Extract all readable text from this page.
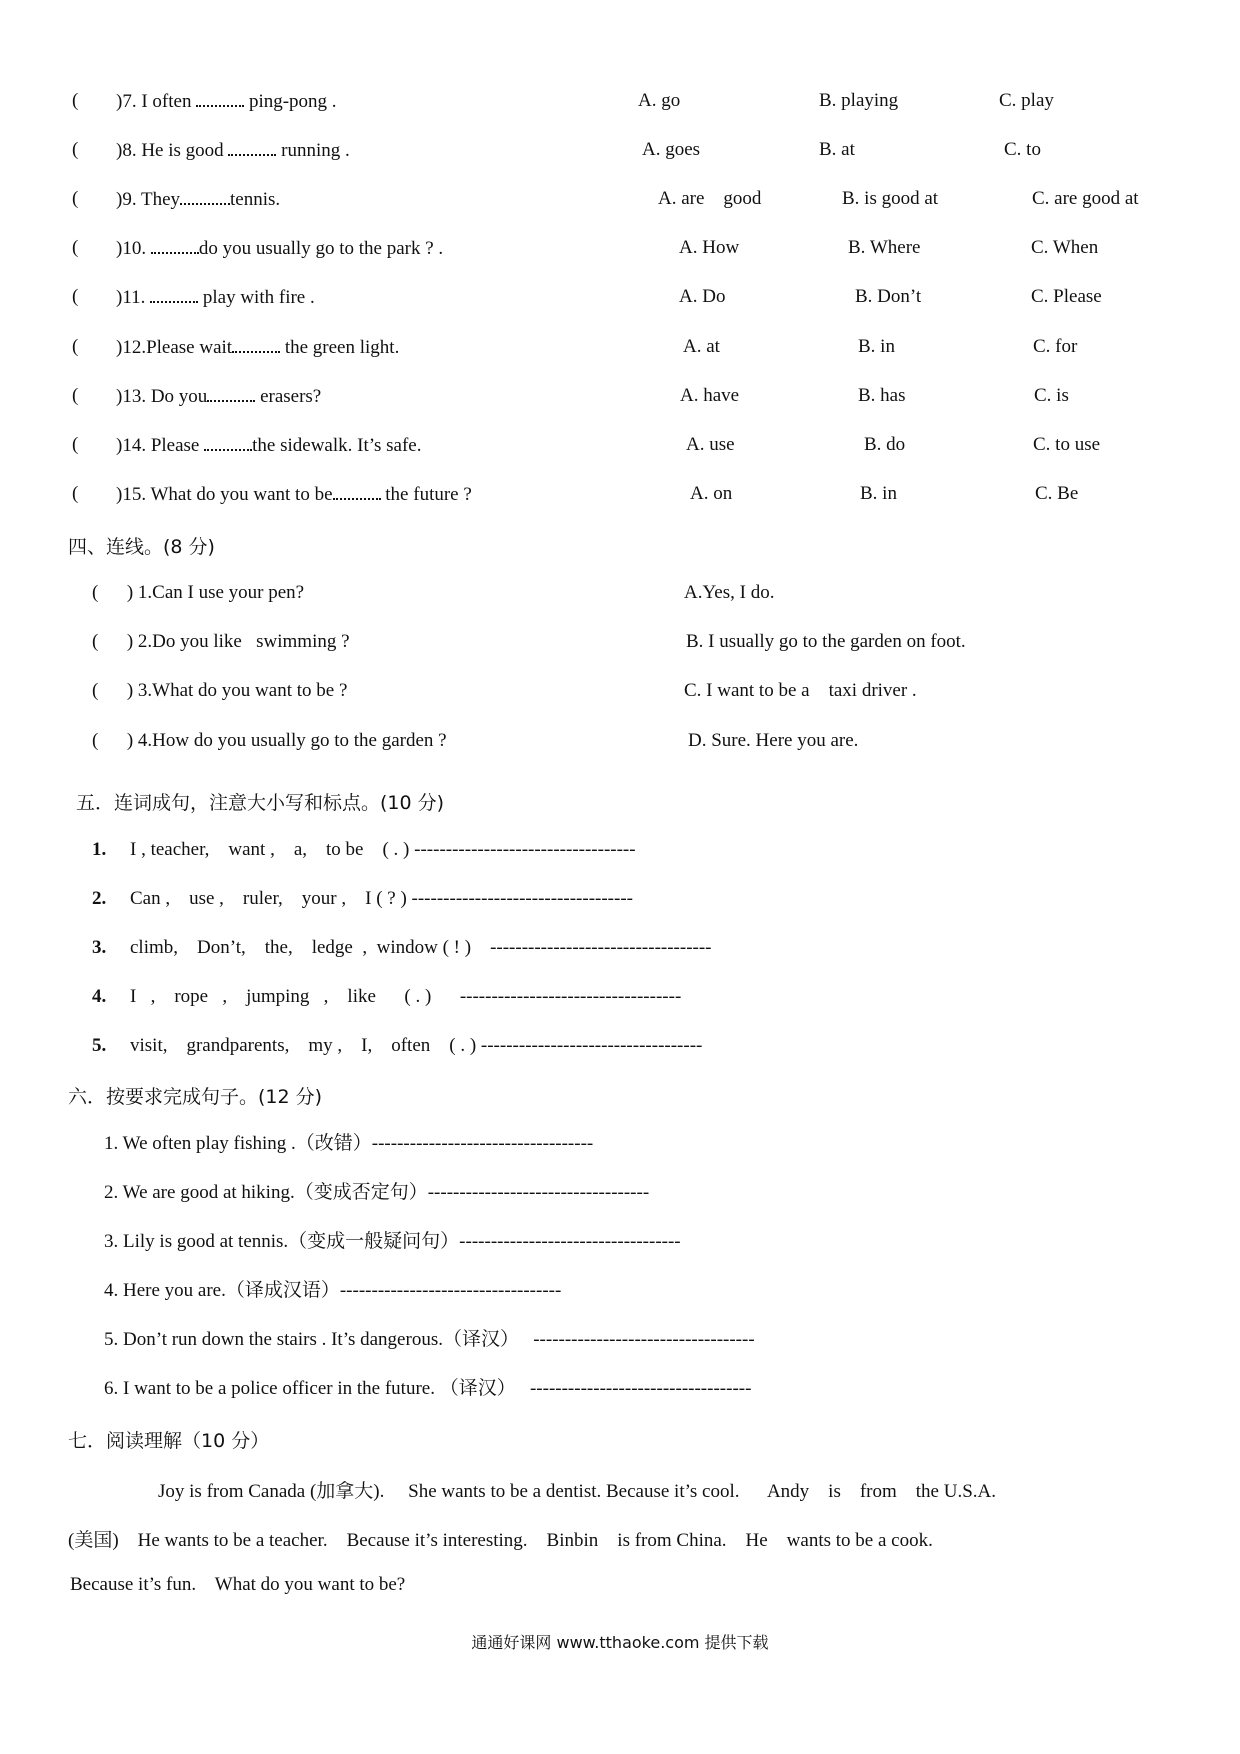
( )7. I often	ping-pong .	A. go	B. playing	C. play
( )8. He is good	running .	A. goes	B. at	C. to
( )9. They	tennis.	A. are    good	B. is good at	C. are good at
( )10.	do you usually go to the park ? .	A. How	B. Where	C. When
( )11.	play with fire .	A. Do	B. Don’t	C. Please
( )12.Please wait	the green light.	A. at	B. in	C. for
( )13. Do you	erasers?	A. have	B. has	C. is
( )14. Please	the sidewalk. It’s safe.	A. use	B. do	C. to use
( )15. What do you want to be	the future ?	A. on	B. in	C. Be
四、连线。(8 分)
(      ) 1.Can I use your pen?	A.Yes, I do.
(      ) 2.Do you like   swimming ?	B. I usually go to the garden on foot.
(      ) 3.What do you want to be ?	C. I want to be a    taxi driver .
(      ) 4.How do you usually go to the garden ?	D. Sure. Here you are.
五．连词成句，注意大小写和标点。(10 分)
1. I , teacher,    want ,    a,    to be    ( . ) -----------------------------------
2. Can ,    use ,    ruler,    your ,    I ( ? ) -----------------------------------
3. climb,    Don’t,    the,    ledge  ,  window ( ! )    -----------------------------------
4. I   ,    rope   ,    jumping   ,    like      ( . )      -----------------------------------
5. visit,    grandparents,    my ,    I,    often    ( . ) -----------------------------------
六．按要求完成句子。(12 分)
1. We often play fishing .（改错）-----------------------------------
2. We are good at hiking.（变成否定句）-----------------------------------
3. Lily is good at tennis.（变成一般疑问句）-----------------------------------
4. Here you are.（译成汉语）-----------------------------------
5. Don’t run down the stairs . It’s dangerous.（译汉）   -----------------------------------
6. I want to be a police officer in the future. （译汉）   -----------------------------------
七．阅读理解（10 分）
Joy is from Canada (加拿大).     She wants to be a dentist. Because it’s cool.      Andy    is    from    the U.S.A.
(美国)    He wants to be a teacher.    Because it’s interesting.    Binbin    is from China.    He    wants to be a cook.
Because it’s fun.    What do you want to be?
通通好课网 www.tthaoke.com 提供下载
